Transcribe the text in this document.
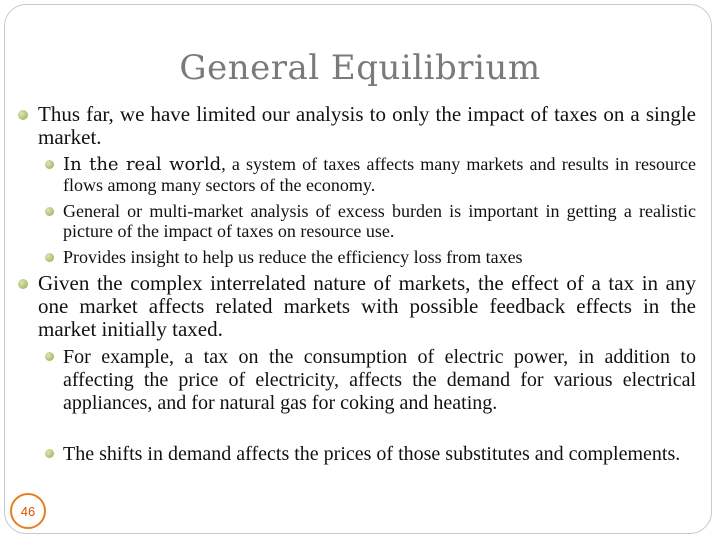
General Equilibrium
Thus far, we have limited our analysis to only the impact of taxes on a single market.
In the real world, a system of taxes affects many markets and results in resource flows among many sectors of the economy.
General or multi-market analysis of excess burden is important in getting a realistic picture of the impact of taxes on resource use.
Provides insight to help us reduce the efficiency loss from taxes
Given the complex interrelated nature of markets, the effect of a tax in any one market affects related markets with possible feedback effects in the market initially taxed.
For example, a tax on the consumption of electric power, in addition to affecting the price of electricity, affects the demand for various electrical appliances, and for natural gas for coking and heating.
The shifts in demand affects the prices of those substitutes and complements.
46
